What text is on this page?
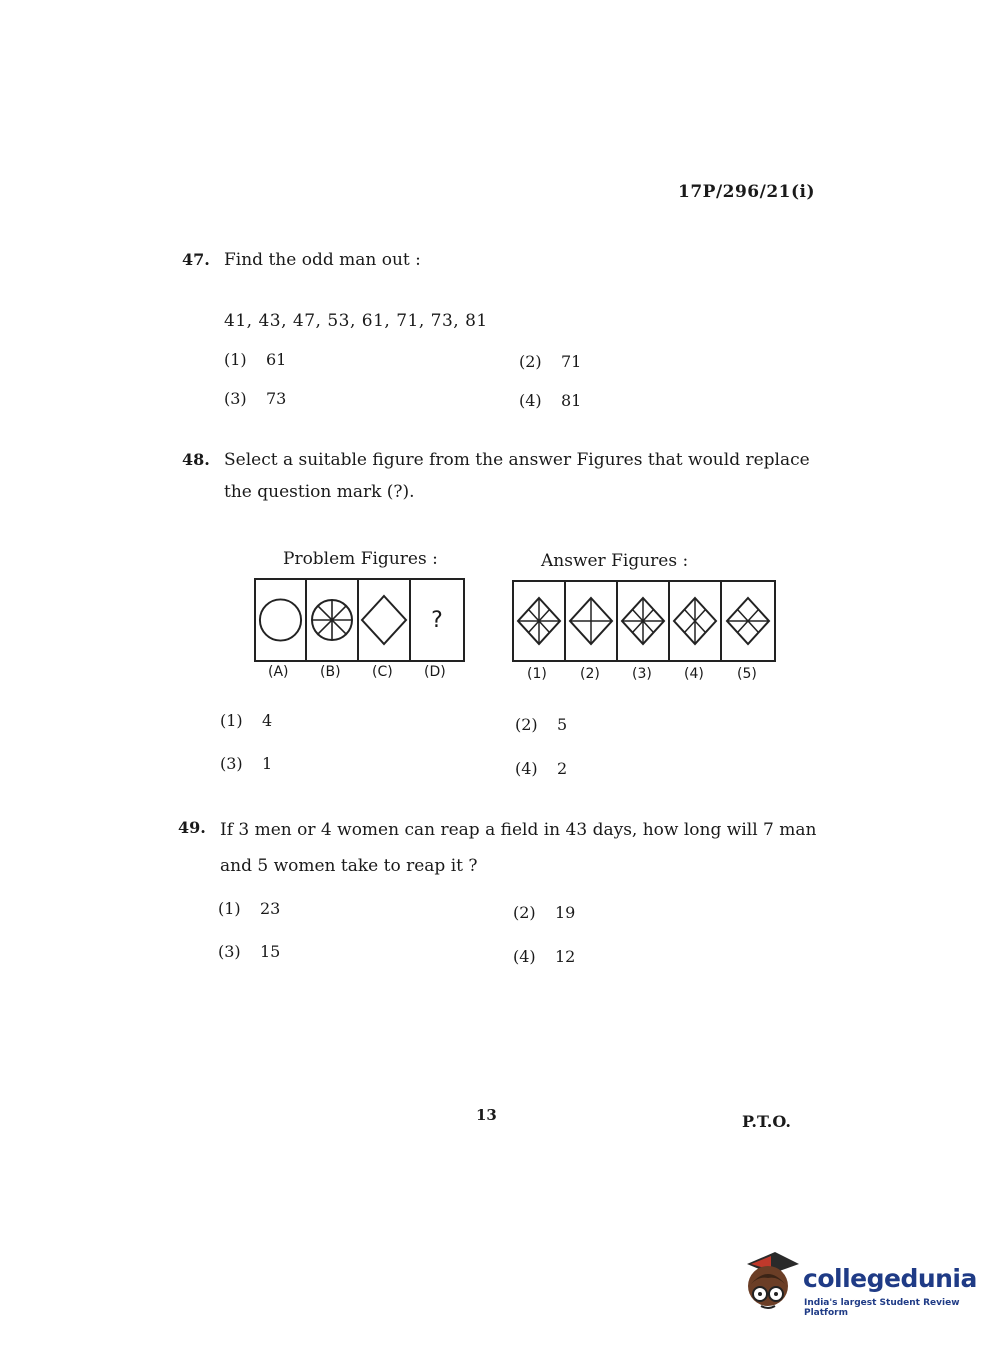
17P/296/21(i)
47. Find the odd man out :
41, 43, 47, 53, 61, 71, 73, 81
(1) 61	(2) 71
(3) 73	(4) 81
48. Select a suitable figure from the answer Figures that would replace
the question mark (?).
Problem Figures :	Answer Figures :
?
(A) (B) (C) (D)	(1) (2) (3) (4) (5)
(1) 4	(2) 5
(3) 1	(4) 2
49. If 3 men or 4 women can reap a field in 43 days, how long will 7 man
and 5 women take to reap it ?
(1) 23	(2) 19
(3) 15	(4) 12
13	P.T.O.
collegedunia
India's largest Student Review Platform
